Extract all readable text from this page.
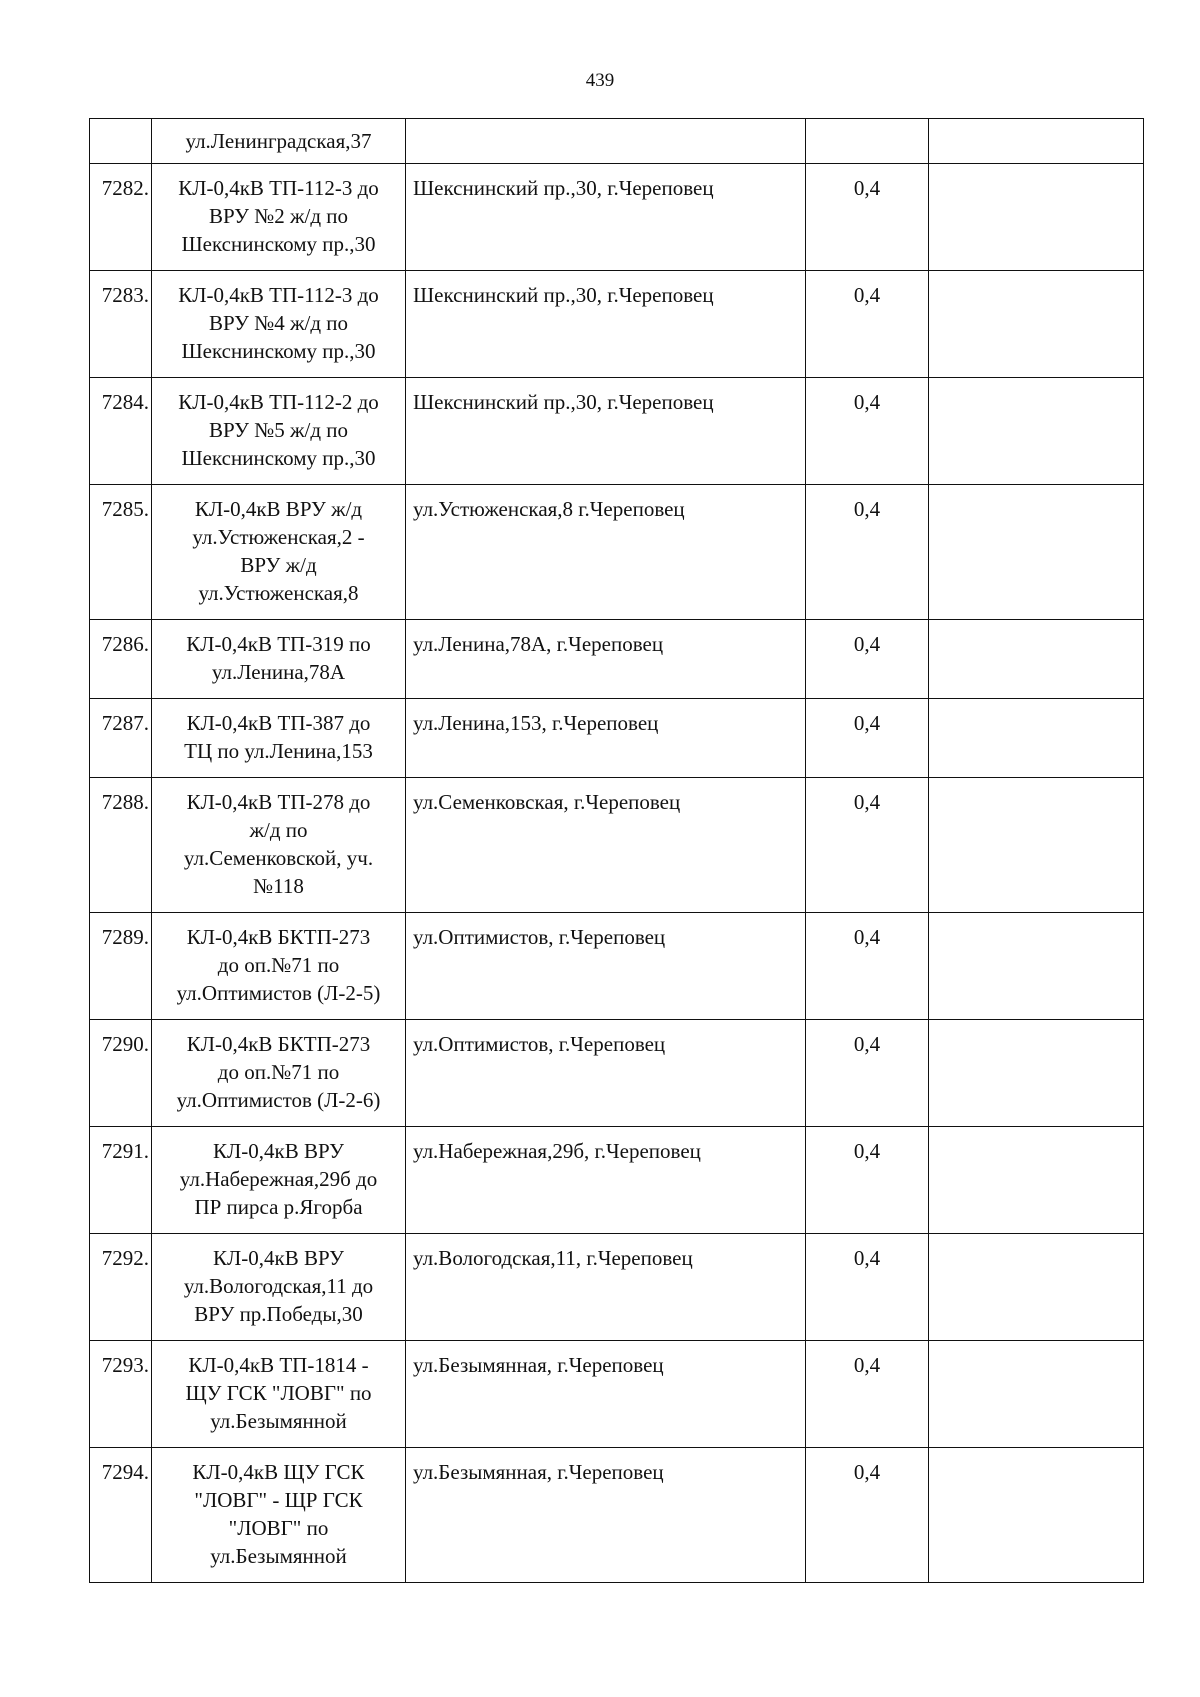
439
	ул.Ленинградская,37			
7282.	КЛ-0,4кВ ТП-112-3 до
ВРУ №2 ж/д по
Шекснинскому пр.,30	Шекснинский пр.,30, г.Череповец	0,4	
7283.	КЛ-0,4кВ ТП-112-3 до
ВРУ №4 ж/д по
Шекснинскому пр.,30	Шекснинский пр.,30, г.Череповец	0,4	
7284.	КЛ-0,4кВ ТП-112-2 до
ВРУ №5 ж/д по
Шекснинскому пр.,30	Шекснинский пр.,30, г.Череповец	0,4	
7285.	КЛ-0,4кВ ВРУ ж/д
ул.Устюженская,2 -
ВРУ ж/д
ул.Устюженская,8	ул.Устюженская,8 г.Череповец	0,4	
7286.	КЛ-0,4кВ ТП-319 по
ул.Ленина,78А	ул.Ленина,78А, г.Череповец	0,4	
7287.	КЛ-0,4кВ ТП-387 до
ТЦ по ул.Ленина,153	ул.Ленина,153, г.Череповец	0,4	
7288.	КЛ-0,4кВ ТП-278 до
ж/д по
ул.Семенковской, уч.
№118	ул.Семенковская, г.Череповец	0,4	
7289.	КЛ-0,4кВ БКТП-273
до оп.№71 по
ул.Оптимистов (Л-2-5)	ул.Оптимистов, г.Череповец	0,4	
7290.	КЛ-0,4кВ БКТП-273
до оп.№71 по
ул.Оптимистов (Л-2-6)	ул.Оптимистов, г.Череповец	0,4	
7291.	КЛ-0,4кВ ВРУ
ул.Набережная,29б до
ПР пирса р.Ягорба	ул.Набережная,29б, г.Череповец	0,4	
7292.	КЛ-0,4кВ ВРУ
ул.Вологодская,11 до
ВРУ пр.Победы,30	ул.Вологодская,11, г.Череповец	0,4	
7293.	КЛ-0,4кВ ТП-1814 -
ЩУ ГСК "ЛОВГ" по
ул.Безымянной	ул.Безымянная, г.Череповец	0,4	
7294.	КЛ-0,4кВ ЩУ ГСК
"ЛОВГ" - ЩР ГСК
"ЛОВГ" по
ул.Безымянной	ул.Безымянная, г.Череповец	0,4	
